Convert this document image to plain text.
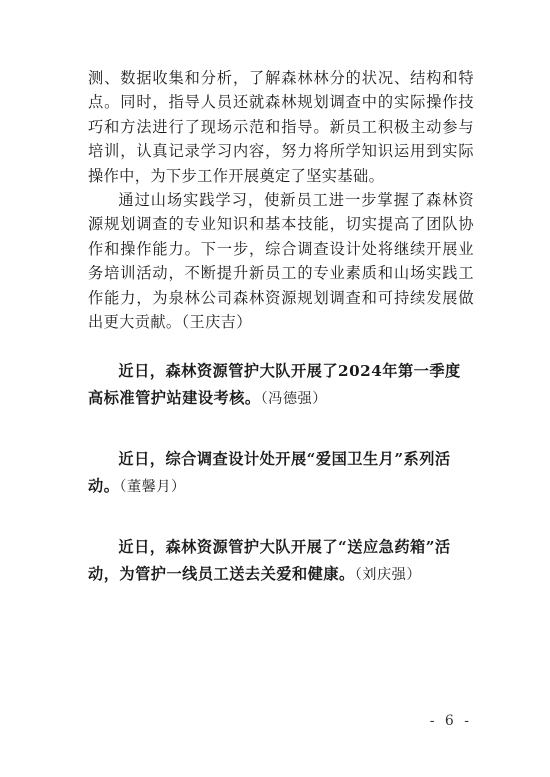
测、数据收集和分析，了解森林林分的状况、结构和特点。同时，指导人员还就森林规划调查中的实际操作技巧和方法进行了现场示范和指导。新员工积极主动参与培训，认真记录学习内容，努力将所学知识运用到实际操作中，为下步工作开展奠定了坚实基础。

通过山场实践学习，使新员工进一步掌握了森林资源规划调查的专业知识和基本技能，切实提高了团队协作和操作能力。下一步，综合调查设计处将继续开展业务培训活动，不断提升新员工的专业素质和山场实践工作能力，为泉林公司森林资源规划调查和可持续发展做出更大贡献。（王庆吉）

近日，森林资源管护大队开展了2024年第一季度高标准管护站建设考核。（冯德强）

近日，综合调查设计处开展“爱国卫生月”系列活动。（董馨月）

近日，森林资源管护大队开展了“送应急药箱”活动，为管护一线员工送去关爱和健康。（刘庆强）

- 6 -
